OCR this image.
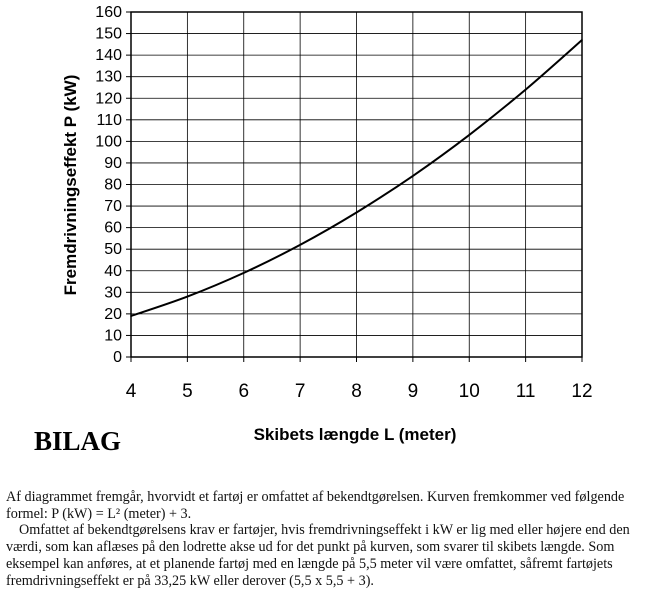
0
10
20
30
40
50
60
70
80
90
100
110
120
130
140
150
160
4 5 6 7 8 9 10 11 12
Skibets længde L (meter)
Fremdrivningseffekt P (kW)
BILAG

Af diagrammet fremgår, hvorvidt et fartøj er omfattet af bekendtgørelsen. Kurven fremkommer ved følgende formel: P (kW) = L² (meter) + 3.

Omfattet af bekendtgørelsens krav er fartøjer, hvis fremdrivningseffekt i kW er lig med eller højere end den værdi, som kan aflæses på den lodrette akse ud for det punkt på kurven, som svarer til skibets længde. Som eksempel kan anføres, at et planende fartøj med en længde på 5,5 meter vil være omfattet, såfremt fartøjets fremdrivningseffekt er på 33,25 kW eller derover (5,5 x 5,5 + 3).
